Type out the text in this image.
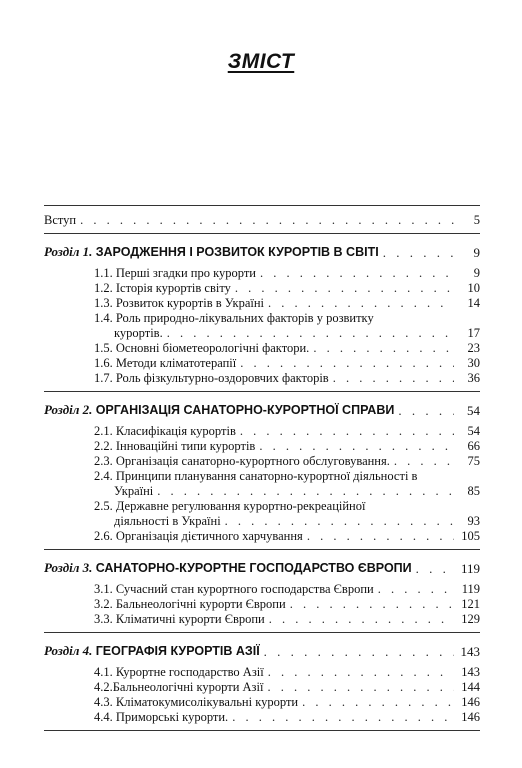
ЗМІСТ
Вступ . . .	5
Розділ 1. ЗАРОДЖЕННЯ І РОЗВИТОК КУРОРТІВ В СВІТІ . . .	9
1.1. Перші згадки про курорти . . .	9
1.2. Історія курортів світу . . .	10
1.3. Розвиток курортів в Україні . . .	14
1.4. Роль природно-лікувальних факторів у розвитку
курортів. . . .	17
1.5. Основні біометеорологічні фактори. . . .	23
1.6. Методи кліматотерапії . . .	30
1.7. Роль фізкультурно-оздоровчих факторів . . .	36
Розділ 2. ОРГАНІЗАЦІЯ САНАТОРНО-КУРОРТНОЇ СПРАВИ . . .	54
2.1. Класифікація курортів . . .	54
2.2. Інноваційні типи курортів . . .	66
2.3. Організація санаторно-курортного обслуговування. . . .	75
2.4. Принципи планування санаторно-курортної діяльності в
Україні . . .	85
2.5. Державне регулювання курортно-рекреаційної
діяльності в Україні . . .	93
2.6. Організація дієтичного харчування . . .	105
Розділ 3. САНАТОРНО-КУРОРТНЕ ГОСПОДАРСТВО ЄВРОПИ . . .	119
3.1. Сучасний стан курортного господарства Європи . . .	119
3.2. Бальнеологічні курорти Європи . . .	121
3.3. Кліматичні курорти Європи . . .	129
Розділ 4. ГЕОГРАФІЯ КУРОРТІВ АЗІЇ . . .	143
4.1. Курортне господарство Азії . . .	143
4.2.Бальнеологічні курорти Азії . . .	144
4.3. Кліматокумисолікувальні курорти . . .	146
4.4. Приморські курорти. . . .	146
